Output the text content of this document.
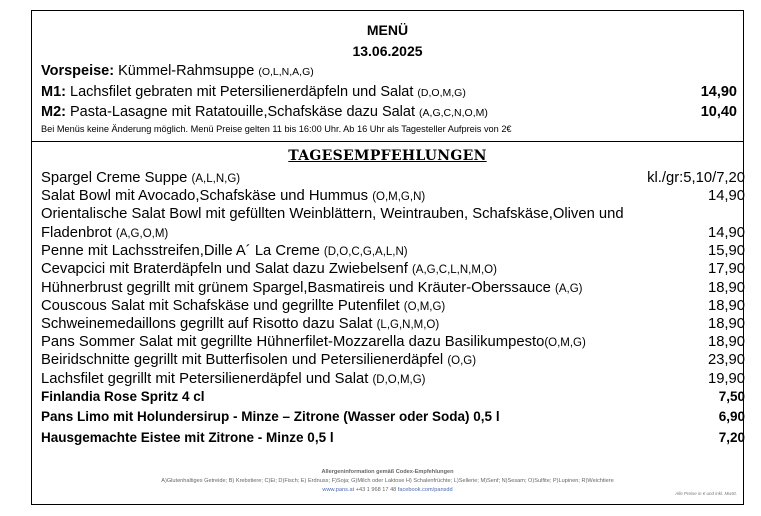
MENÜ
13.06.2025
Vorspeise: Kümmel-Rahmsuppe (O,L,N,A,G)
M1: Lachsfilet gebraten mit Petersilienerdäpfeln und Salat (D,O,M,G)	14,90
M2: Pasta-Lasagne mit Ratatouille,Schafskäse dazu Salat (A,G,C,N,O,M)	10,40
Bei Menüs keine Änderung möglich. Menü Preise gelten 11 bis 16:00 Uhr. Ab 16 Uhr als Tagesteller Aufpreis von 2€
TAGESEMPFEHLUNGEN
Spargel Creme Suppe (A,L,N,G)	kl./gr:5,10/7,20
Salat Bowl mit Avocado,Schafskäse und Hummus (O,M,G,N)	14,90
Orientalische Salat Bowl mit gefüllten Weinblättern, Weintrauben, Schafskäse,Oliven und
Fladenbrot (A,G,O,M)	14,90
Penne mit Lachsstreifen,Dille A´ La Creme (D,O,C,G,A,L,N)	15,90
Cevapcici mit Braterdäpfeln und Salat dazu Zwiebelsenf (A,G,C,L,N,M,O)	17,90
Hühnerbrust gegrillt mit grünem Spargel,Basmatireis und Kräuter-Oberssauce (A,G)	18,90
Couscous Salat mit Schafskäse und gegrillte Putenfilet (O,M,G)	18,90
Schweinemedaillons gegrillt auf Risotto dazu Salat (L,G,N,M,O)	18,90
Pans Sommer Salat mit gegrillte Hühnerfilet-Mozzarella dazu Basilikumpesto(O,M,G)	18,90
Beiridschnitte gegrillt mit Butterfisolen und Petersilienerdäpfel (O,G)	23,90
Lachsfilet gegrillt mit Petersilienerdäpfel und Salat (D,O,M,G)	19,90
Finlandia Rose Spritz 4 cl	7,50
Pans Limo mit Holundersirup - Minze – Zitrone (Wasser oder Soda) 0,5 l	6,90
Hausgemachte Eistee mit Zitrone - Minze 0,5 l	7,20
Allergeninformation gemäß Codex-Empfehlungen
A)Glutenhaltiges Getreide; B) Krebstiere; C)Ei; D)Fisch; E) Erdnuss; F)Soja; G)Milch oder Laktose H) Schalenfrüchte; L)Sellerie; M)Senf; N)Sesam; O)Sulfite; P)Lupinen; R)Weichtiere
www.pans.at +43 1 968 17 48 facebook.com/pansdd
Alle Preise in € und inkl. MwSt.
